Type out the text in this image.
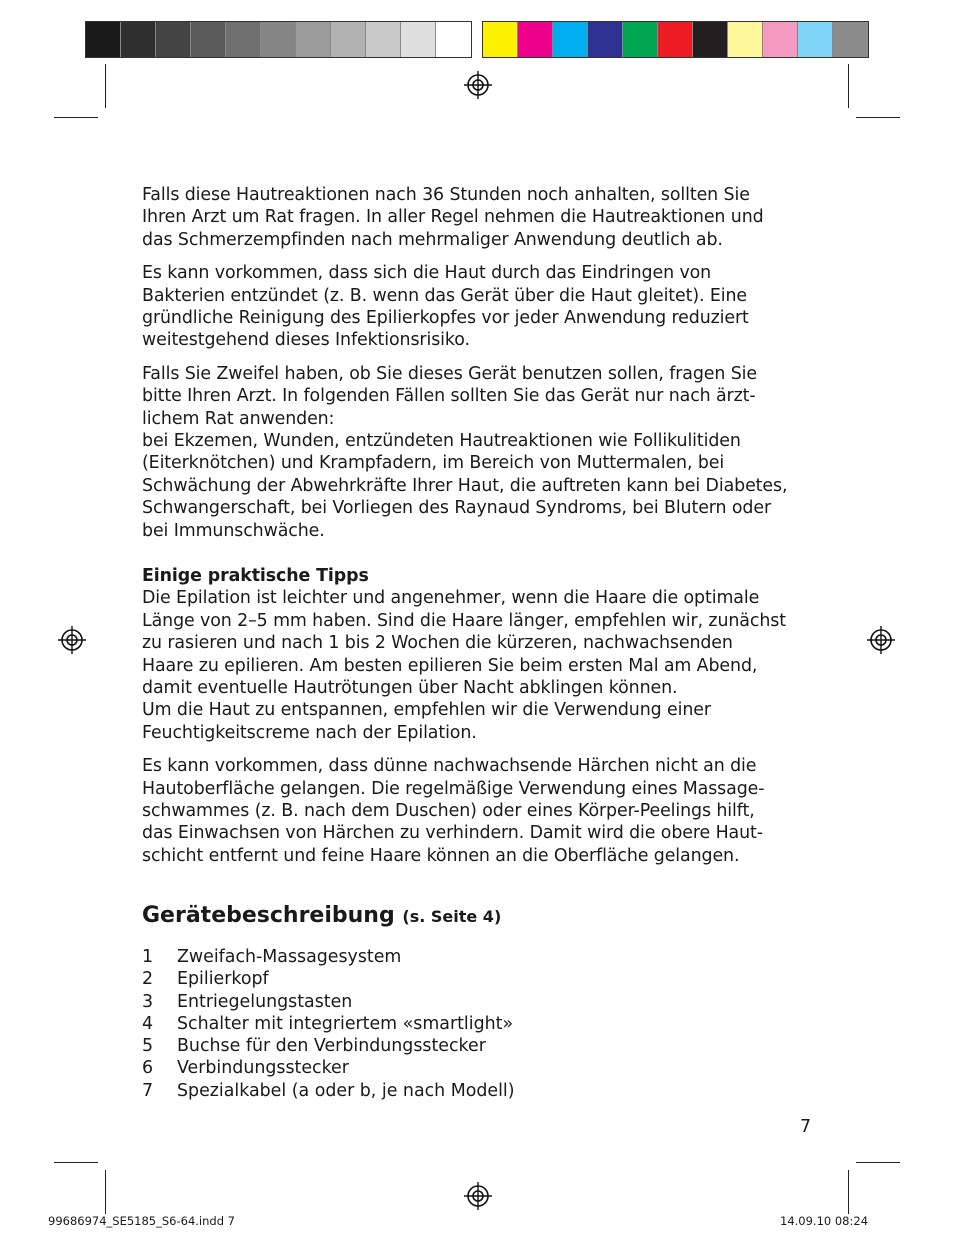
Falls diese Hautreaktionen nach 36 Stunden noch anhalten, sollten Sie
Ihren Arzt um Rat fragen. In aller Regel nehmen die Hautreaktionen und
das Schmerzempfinden nach mehrmaliger Anwendung deutlich ab.

Es kann vorkommen, dass sich die Haut durch das Eindringen von
Bakterien entzündet (z. B. wenn das Gerät über die Haut gleitet). Eine
gründliche Reinigung des Epilierkopfes vor jeder Anwendung reduziert
weitestgehend dieses Infektionsrisiko.

Falls Sie Zweifel haben, ob Sie dieses Gerät benutzen sollen, fragen Sie
bitte Ihren Arzt. In folgenden Fällen sollten Sie das Gerät nur nach ärzt-
lichem Rat anwenden:
bei Ekzemen, Wunden, entzündeten Hautreaktionen wie Follikulitiden
(Eiterknötchen) und Krampfadern, im Bereich von Muttermalen, bei
Schwächung der Abwehrkräfte Ihrer Haut, die auftreten kann bei Diabetes,
Schwangerschaft, bei Vorliegen des Raynaud Syndroms, bei Blutern oder
bei Immunschwäche.

Einige praktische Tipps

Die Epilation ist leichter und angenehmer, wenn die Haare die optimale
Länge von 2–5 mm haben. Sind die Haare länger, empfehlen wir, zunächst
zu rasieren und nach 1 bis 2 Wochen die kürzeren, nachwachsenden
Haare zu epilieren. Am besten epilieren Sie beim ersten Mal am Abend,
damit eventuelle Hautrötungen über Nacht abklingen können.
Um die Haut zu entspannen, empfehlen wir die Verwendung einer
Feuchtigkeitscreme nach der Epilation.

Es kann vorkommen, dass dünne nachwachsende Härchen nicht an die
Hautoberfläche gelangen. Die regelmäßige Verwendung eines Massage-
schwammes (z. B. nach dem Duschen) oder eines Körper-Peelings hilft,
das Einwachsen von Härchen zu verhindern. Damit wird die obere Haut-
schicht entfernt und feine Haare können an die Oberfläche gelangen.

Gerätebeschreibung (s. Seite 4)
1	Zweifach-Massagesystem
2	Epilierkopf
3	Entriegelungstasten
4	Schalter mit integriertem «smartlight»
5	Buchse für den Verbindungsstecker
6	Verbindungsstecker
7	Spezialkabel (a oder b, je nach Modell)
7
99686974_SE5185_S6-64.indd 7	14.09.10 08:24
